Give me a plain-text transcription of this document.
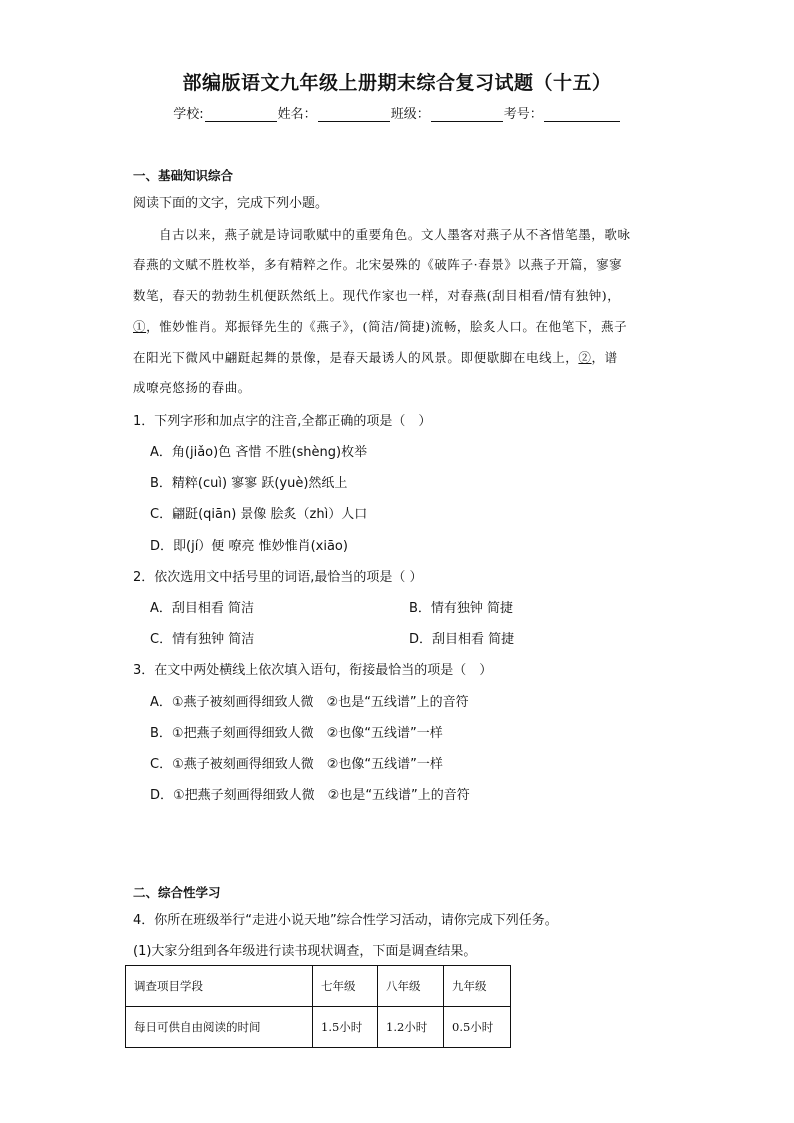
部编版语文九年级上册期末综合复习试题（十五）
学校:	姓名：	班级：	考号：
一、基础知识综合
阅读下面的文字，完成下列小题。
自古以来，燕子就是诗词歌赋中的重要角色。文人墨客对燕子从不吝惜笔墨，歌咏
春燕的文赋不胜枚举，多有精粹之作。北宋晏殊的《破阵子·春景》以燕子开篇，寥寥
数笔，春天的勃勃生机便跃然纸上。现代作家也一样，对春燕(刮目相看/情有独钟)，
①，惟妙惟肖。郑振铎先生的《燕子》，(简洁/简捷)流畅，脍炙人口。在他笔下，燕子
在阳光下微风中翩跹起舞的景像，是春天最诱人的风景。即便歇脚在电线上，②，谱
成嘹亮悠扬的春曲。
1．下列字形和加点字的注音,全都正确的项是（　）
A．角(jiǎo)色 吝惜 不胜(shèng)枚举
B．精粹(cuì) 寥寥 跃(yuè)然纸上
C．翩跹(qiān) 景像 脍炙（zhì）人口
D．即(jí）便 嘹亮 惟妙惟肖(xiāo)
2．依次选用文中括号里的词语,最恰当的项是（ ）
A．刮目相看 简洁	B．情有独钟 简捷
C．情有独钟 简洁	D．刮目相看 简捷
3．在文中两处横线上依次填入语句，衔接最恰当的项是（　）
A．①燕子被刻画得细致人微　②也是“五线谱”上的音符
B．①把燕子刻画得细致人微　②也像“五线谱”一样
C．①燕子被刻画得细致人微　②也像“五线谱”一样
D．①把燕子刻画得细致人微　②也是“五线谱”上的音符
二、综合性学习
4．你所在班级举行“走进小说天地”综合性学习活动，请你完成下列任务。
(1)大家分组到各年级进行读书现状调查，下面是调查结果。
调查项目学段	七年级	八年级	九年级
每日可供自由阅读的时间	1.5小时	1.2小时	0.5小时
